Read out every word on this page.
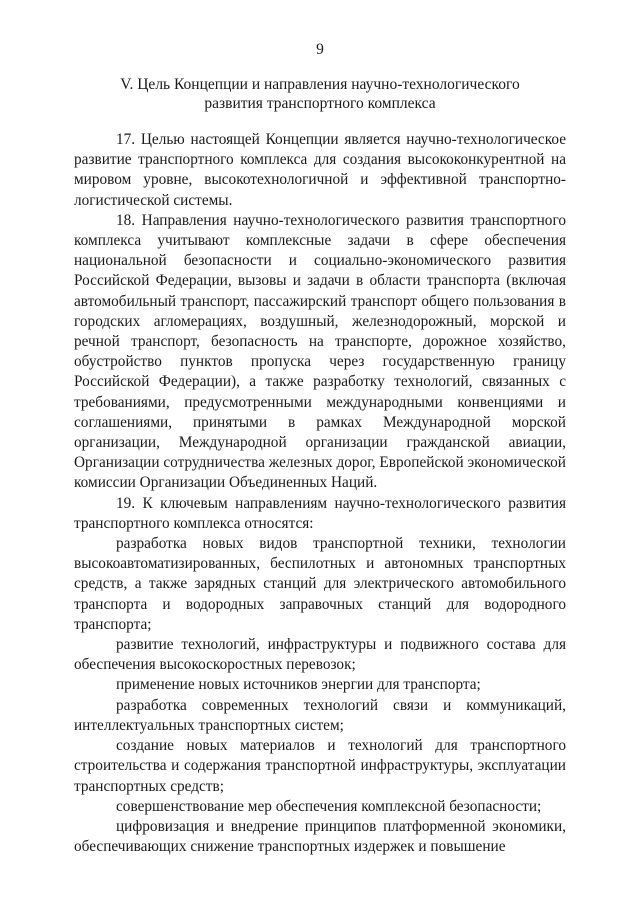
9
V. Цель Концепции и направления научно-технологического
развития транспортного комплекса

17. Целью настоящей Концепции является научно-технологическое развитие транспортного комплекса для создания высококонкурентной на мировом уровне, высокотехнологичной и эффективной транспортно-логистической системы.

18. Направления научно-технологического развития транспортного комплекса учитывают комплексные задачи в сфере обеспечения национальной безопасности и социально-экономического развития Российской Федерации, вызовы и задачи в области транспорта (включая автомобильный транспорт, пассажирский транспорт общего пользования в городских агломерациях, воздушный, железнодорожный, морской и речной транспорт, безопасность на транспорте, дорожное хозяйство, обустройство пунктов пропуска через государственную границу Российской Федерации), а также разработку технологий, связанных с требованиями, предусмотренными международными конвенциями и соглашениями, принятыми в рамках Международной морской организации, Международной организации гражданской авиации, Организации сотрудничества железных дорог, Европейской экономической комиссии Организации Объединенных Наций.

19. К ключевым направлениям научно-технологического развития транспортного комплекса относятся:

разработка новых видов транспортной техники, технологии высокоавтоматизированных, беспилотных и автономных транспортных средств, а также зарядных станций для электрического автомобильного транспорта и водородных заправочных станций для водородного транспорта;

развитие технологий, инфраструктуры и подвижного состава для обеспечения высокоскоростных перевозок;

применение новых источников энергии для транспорта;

разработка современных технологий связи и коммуникаций, интеллектуальных транспортных систем;

создание новых материалов и технологий для транспортного строительства и содержания транспортной инфраструктуры, эксплуатации транспортных средств;

совершенствование мер обеспечения комплексной безопасности;

цифровизация и внедрение принципов платформенной экономики, обеспечивающих снижение транспортных издержек и повышение
